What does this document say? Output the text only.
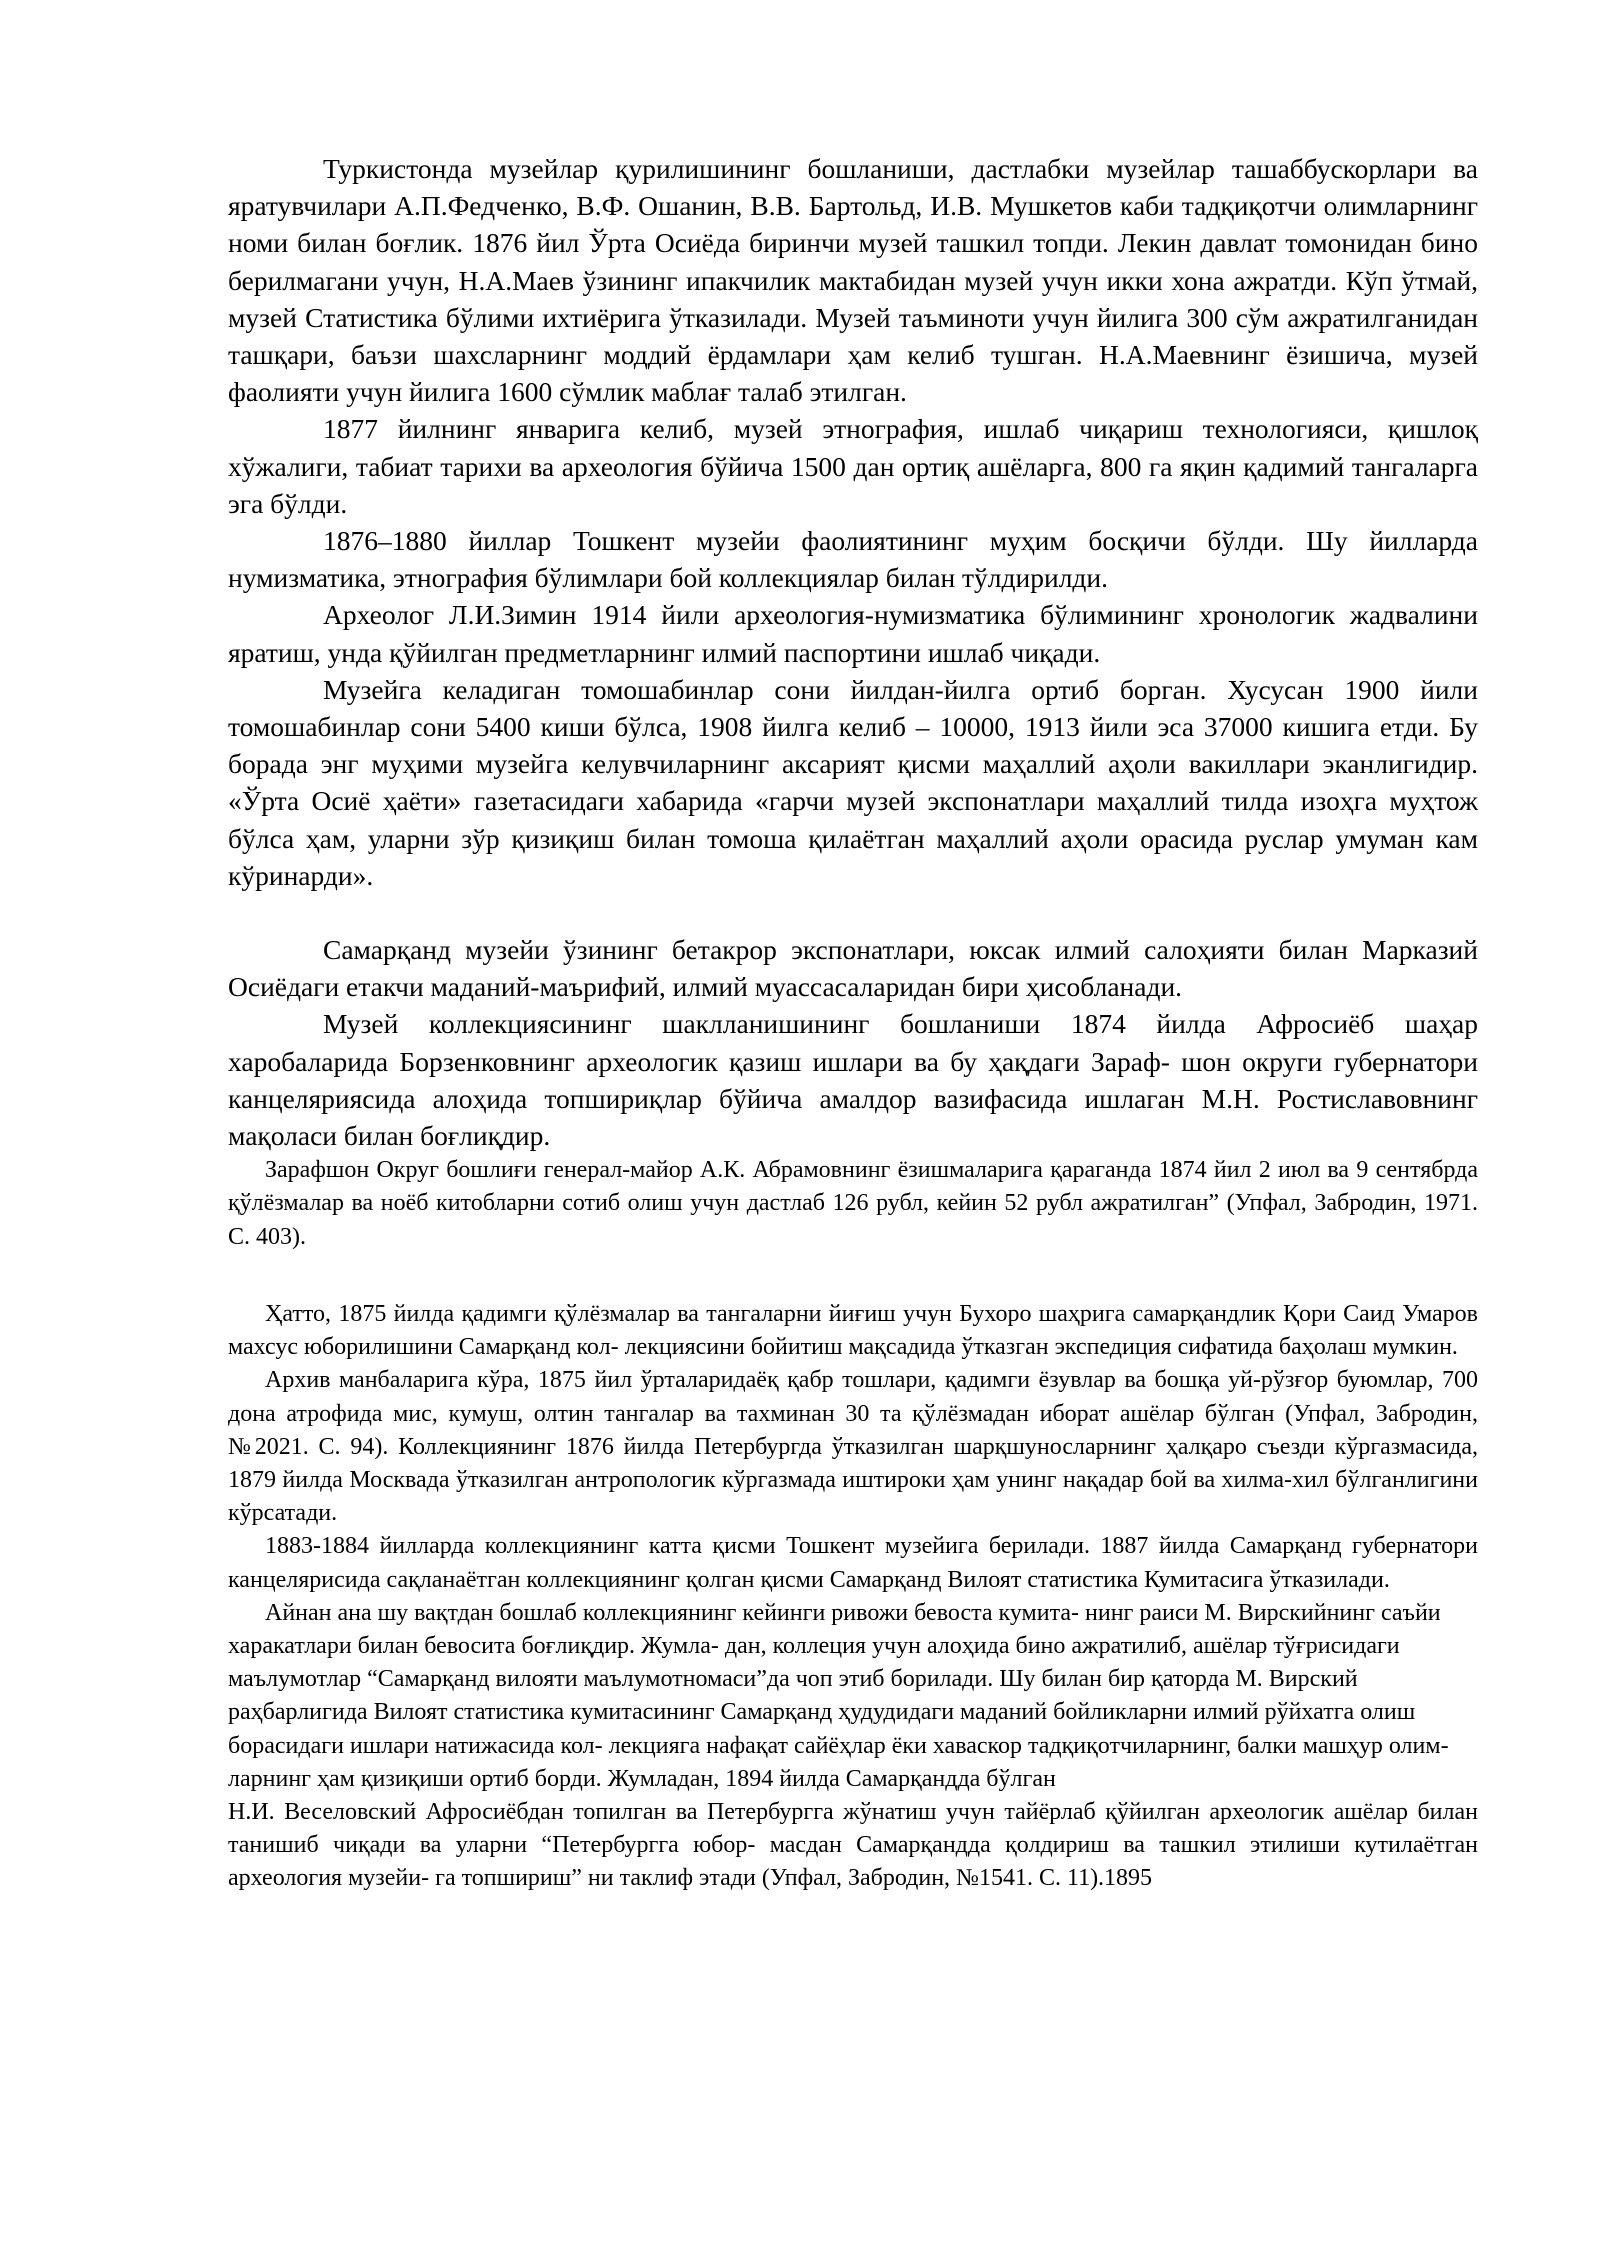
Туркистонда музейлар қурилишининг бошланиши, дастлабки музейлар ташаббускорлари ва яратувчилари А.П.Федченко, В.Ф. Ошанин, В.В. Бартольд, И.В. Мушкетов каби тадқиқотчи олимларнинг номи билан боғлик. 1876 йил Ўрта Осиёда биринчи музей ташкил топди. Лекин давлат томонидан бино берилмагани учун, Н.А.Маев ўзининг ипакчилик мактабидан музей учун икки хона ажратди. Кўп ўтмай, музей Статистика бўлими ихтиёрига ўтказилади. Музей таъминоти учун йилига 300 сўм ажратилганидан ташқари, баъзи шахсларнинг моддий ёрдамлари ҳам келиб тушган. Н.А.Маевнинг ёзишича, музей фаолияти учун йилига 1600 сўмлик маблағ талаб этилган.

1877 йилнинг январига келиб, музей этнография, ишлаб чиқариш технологияси, қишлоқ хўжалиги, табиат тарихи ва археология бўйича 1500 дан ортиқ ашёларга, 800 га яқин қадимий тангаларга эга бўлди.

1876–1880 йиллар Тошкент музейи фаолиятининг муҳим босқичи бўлди. Шу йилларда нумизматика, этнография бўлимлари бой коллекциялар билан тўлдирилди.

Археолог Л.И.Зимин 1914 йили археология-нумизматика бўлимининг хронологик жадвалини яратиш, унда қўйилган предметларнинг илмий паспортини ишлаб чиқади.

Музейга келадиган томошабинлар сони йилдан-йилга ортиб борган. Хусусан 1900 йили томошабинлар сони 5400 киши бўлса, 1908 йилга келиб – 10000, 1913 йили эса 37000 кишига етди. Бу борада энг муҳими музейга келувчиларнинг аксарият қисми маҳаллий аҳоли вакиллари эканлигидир. «Ўрта Осиё ҳаёти» газетасидаги хабарида «гарчи музей экспонатлари маҳаллий тилда изоҳга муҳтож бўлса ҳам, уларни зўр қизиқиш билан томоша қилаётган маҳаллий аҳоли орасида руслар умуман кам кўринарди».

Самарқанд музейи ўзининг бетакрор экспонатлари, юксак илмий салоҳияти билан Марказий Осиёдаги етакчи маданий-маърифий, илмий муассасаларидан бири ҳисобланади.

Музей коллекциясининг шаклланишининг бошланиши 1874 йилда Афросиёб шаҳар харобаларида Борзенковнинг археологик қазиш ишлари ва бу ҳақдаги Зараф- шон округи губернатори канцеляриясида алоҳида топшириқлар бўйича амалдор вазифасида ишлаган М.Н. Ростиславовнинг мақоласи билан боғлиқдир.

Зарафшон Округ бошлиғи генерал-майор А.К. Абрамовнинг ёзишмаларига қараганда 1874 йил 2 июл ва 9 сентябрда қўлёзмалар ва ноёб китобларни сотиб олиш учун дастлаб 126 рубл, кейин 52 рубл ажратилган” (Упфал, Забродин, 1971. С. 403).

Ҳатто, 1875 йилда қадимги қўлёзмалар ва тангаларни йиғиш учун Бухоро шаҳрига самарқандлик Қори Саид Умаров махсус юборилишини Самарқанд кол- лекциясини бойитиш мақсадида ўтказган экспедиция сифатида баҳолаш мумкин.

Архив манбаларига кўра, 1875 йил ўрталаридаёқ қабр тошлари, қадимги ёзувлар ва бошқа уй-рўзғор буюмлар, 700 дона атрофида мис, кумуш, олтин тангалар ва тахминан 30 та қўлёзмадан иборат ашёлар бўлган (Упфал, Забродин, №2021. С. 94). Коллекциянинг 1876 йилда Петербургда ўтказилган шарқшуносларнинг ҳалқаро съезди кўргазмасида, 1879 йилда Москвада ўтказилган антропологик кўргазмада иштироки ҳам унинг нақадар бой ва хилма-хил бўлганлигини кўрсатади.

1883-1884 йилларда коллекциянинг катта қисми Тошкент музейига берилади. 1887 йилда Самарқанд губернатори канцелярисида сақланаётган коллекциянинг қолган қисми Самарқанд Вилоят статистика Кумитасига ўтказилади.

Айнан ана шу вақтдан бошлаб коллекциянинг кейинги ривожи бевоста кумита- нинг раиси М. Вирскийнинг саъйи харакатлари билан бевосита боғлиқдир. Жумла- дан, коллеция учун алоҳида бино ажратилиб, ашёлар тўғрисидаги маълумотлар “Самарқанд вилояти маълумотномаси”да чоп этиб борилади. Шу билан бир қаторда М. Вирский раҳбарлигида Вилоят статистика кумитасининг Самарқанд ҳудудидаги маданий бойликларни илмий рўйхатга олиш борасидаги ишлари натижасида кол- лекцияга нафақат сайёҳлар ёки хаваскор тадқиқотчиларнинг, балки машҳур олим- ларнинг ҳам қизиқиши ортиб борди. Жумладан, 1894 йилда Самарқандда бўлган

Н.И. Веселовский Афросиёбдан топилган ва Петербурггa жўнатиш учун тайёрлаб қўйилган археологик ашёлар билан танишиб чиқади ва уларни “Петербурггa юбор- масдан Самарқандда қолдириш ва ташкил этилиши кутилаётган археология музейи- га топшириш” ни таклиф этади (Упфал, Забродин, №1541. С. 11).1895
